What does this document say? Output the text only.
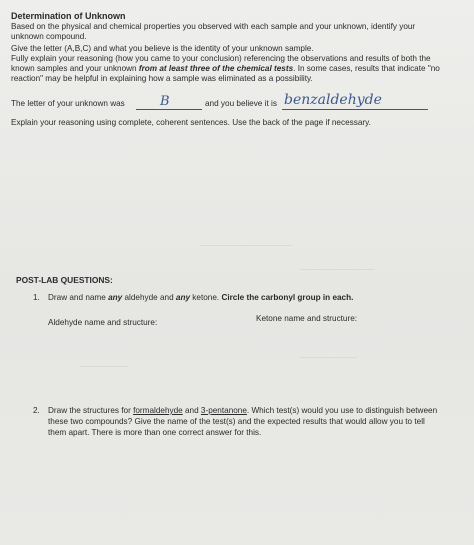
~~~~~~~~~~~~~~~~~~~~~
~~~~~~~~~~~~~~~~~
~~~~~~~~~~~
~~~~~~~~~~~~~
Determination of Unknown
Based on the physical and chemical properties you observed with each sample and your unknown, identify your
unknown compound.
Give the letter (A,B,C) and what you believe is the identity of your unknown sample.
Fully explain your reasoning (how you came to your conclusion) referencing the observations and results of both the
known samples and your unknown from at least three of the chemical tests. In some cases, results that indicate "no
reaction" may be helpful in explaining how a sample was eliminated as a possibility.
The letter of your unknown was	B	and you believe it is benzaldehyde
Explain your reasoning using complete, coherent sentences. Use the back of the page if necessary.
POST-LAB QUESTIONS:
1. Draw and name any aldehyde and any ketone. Circle the carbonyl group in each.
Aldehyde name and structure:	Ketone name and structure:
2. Draw the structures for formaldehyde and 3-pentanone. Which test(s) would you use to distinguish between
these two compounds? Give the name of the test(s) and the expected results that would allow you to tell
them apart. There is more than one correct answer for this.
